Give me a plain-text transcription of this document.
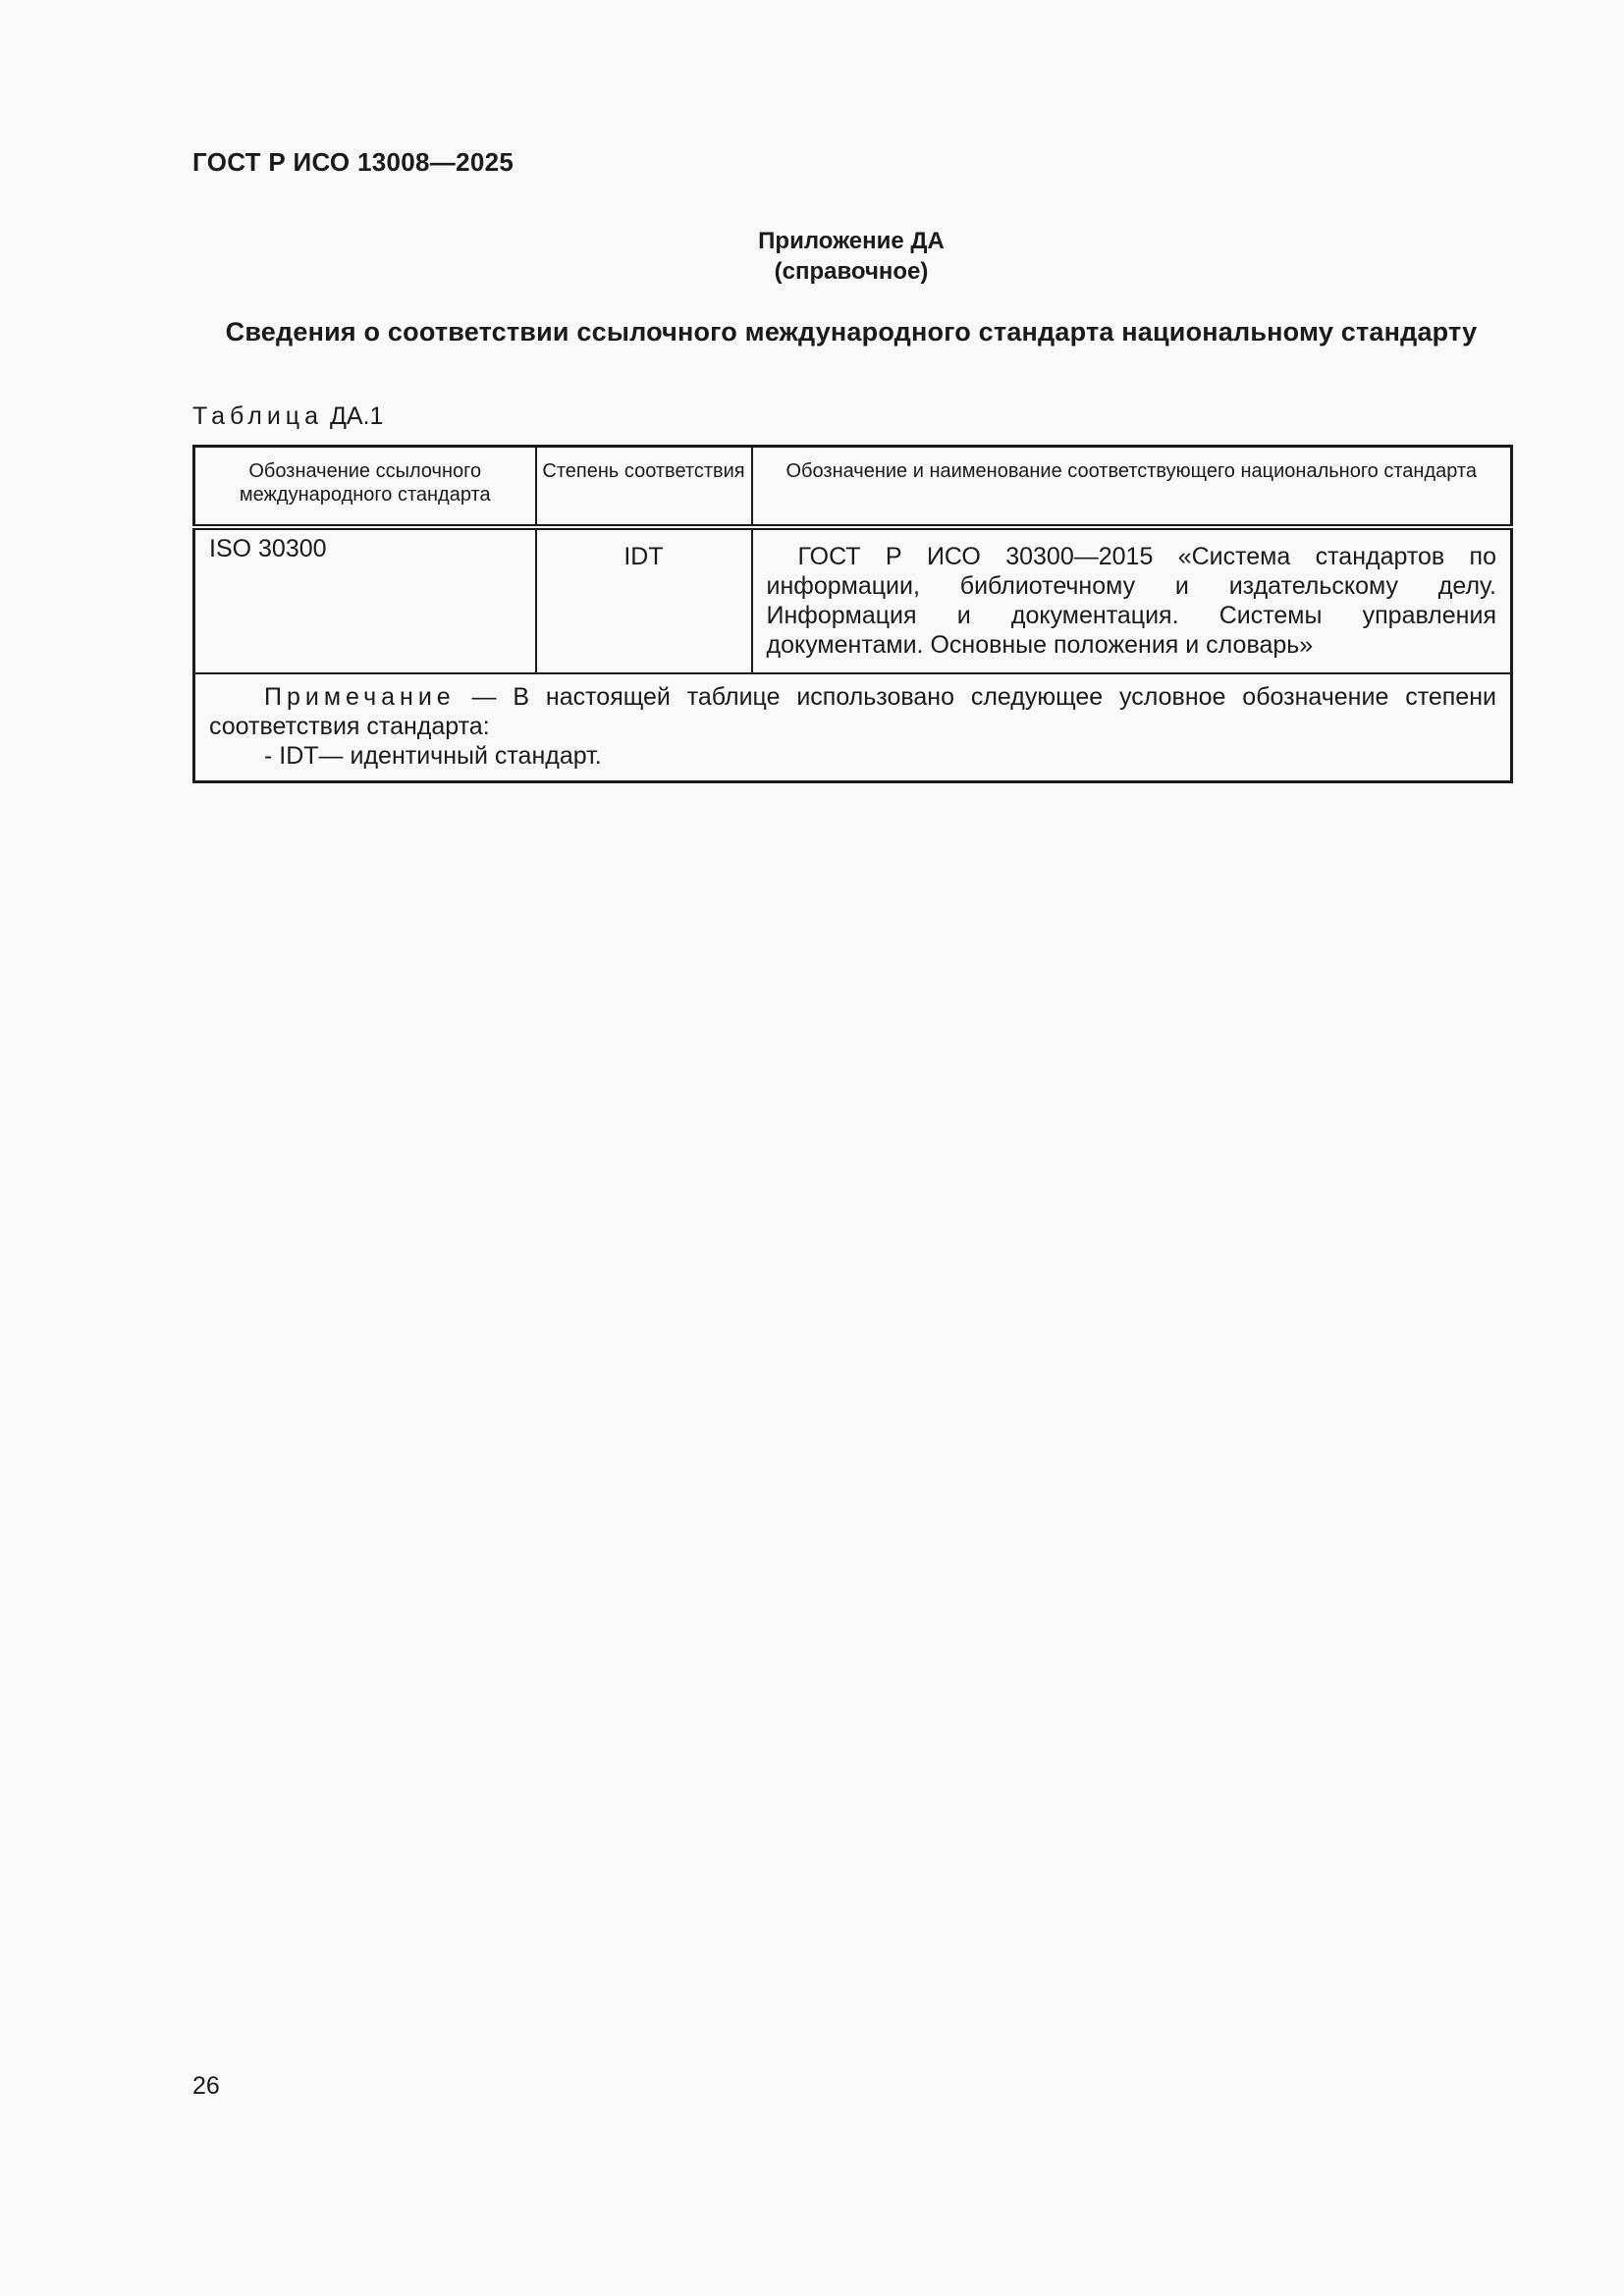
ГОСТ Р ИСО 13008—2025
Приложение ДА
(справочное)
Сведения о соответствии ссылочного международного стандарта национальному стандарту
Таблица ДА.1
Обозначение ссылочного международного стандарта	Степень соответствия	Обозначение и наименование соответствующего национального стандарта
ISO 30300	IDT	ГОСТ Р ИСО 30300—2015 «Система стандартов по информации, библиотечному и издательскому делу. Информация и документация. Системы управления документами. Основные положения и словарь»

Примечание — В настоящей таблице использовано следующее условное обозначение степени соответствия стандарта:
- IDT— идентичный стандарт.		
26
